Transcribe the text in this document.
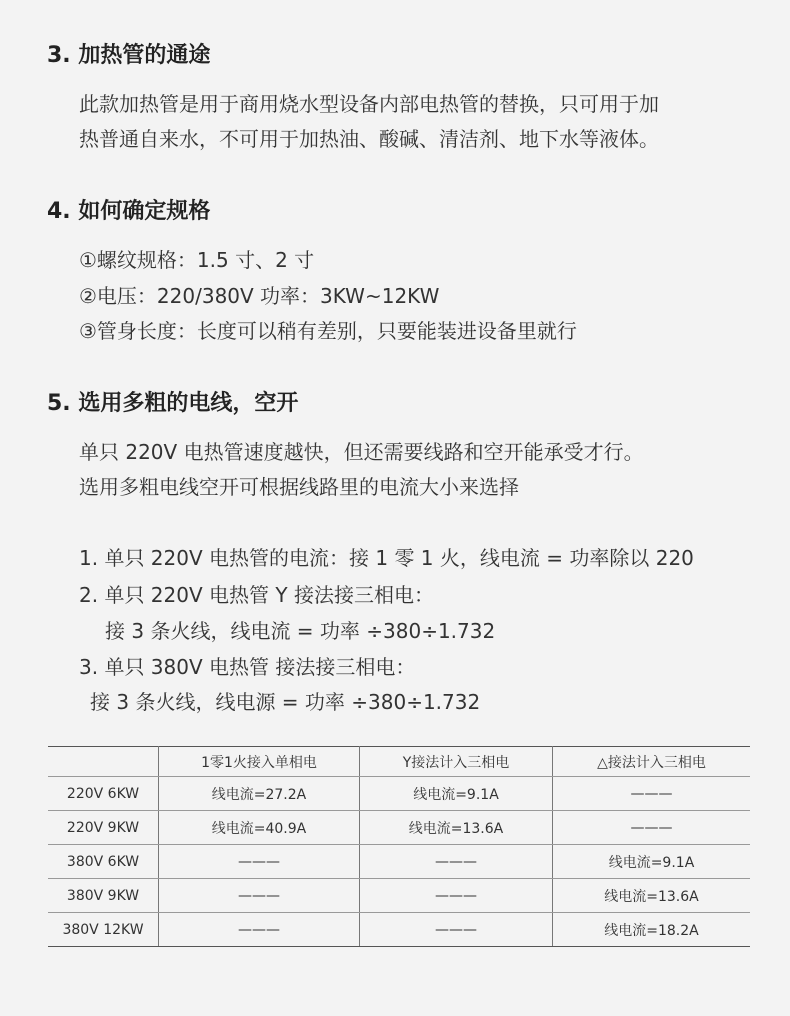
3. 加热管的通途

此款加热管是用于商用烧水型设备内部电热管的替换，只可用于加

热普通自来水，不可用于加热油、酸碱、清洁剂、地下水等液体。

4. 如何确定规格

①螺纹规格：1.5 寸、2 寸

②电压：220/380V 功率：3KW~12KW

③管身长度：长度可以稍有差别，只要能装进设备里就行

5. 选用多粗的电线，空开

单只 220V 电热管速度越快，但还需要线路和空开能承受才行。

选用多粗电线空开可根据线路里的电流大小来选择

1. 单只 220V 电热管的电流：接 1 零 1 火，线电流 = 功率除以 220

2. 单只 220V 电热管 Y 接法接三相电：

接 3 条火线，线电流 = 功率 ÷380÷1.732

3. 单只 380V 电热管 接法接三相电：

接 3 条火线，线电源 = 功率 ÷380÷1.732

	1零1火接入单相电	Y接法计入三相电	△接法计入三相电
220V 6KW	线电流=27.2A	线电流=9.1A	———
220V 9KW	线电流=40.9A	线电流=13.6A	———
380V 6KW	———	———	线电流=9.1A
380V 9KW	———	———	线电流=13.6A
380V 12KW	———	———	线电流=18.2A
